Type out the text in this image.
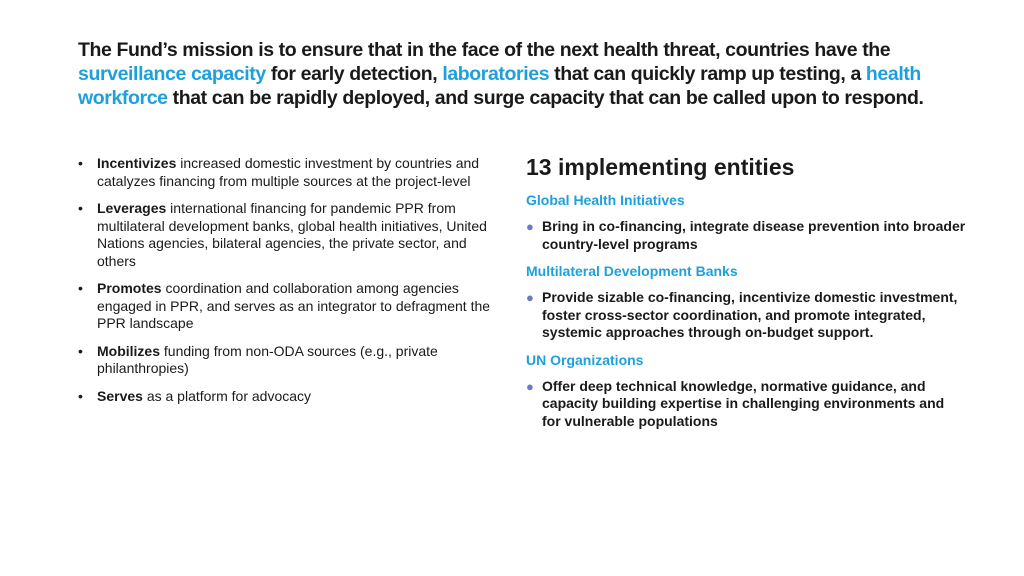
The Fund’s mission is to ensure that in the face of the next health threat, countries have the surveillance capacity for early detection, laboratories that can quickly ramp up testing, a health workforce that can be rapidly deployed, and surge capacity that can be called upon to respond.
• Incentivizes increased domestic investment by countries and catalyzes financing from multiple sources at the project-level
• Leverages international financing for pandemic PPR from multilateral development banks, global health initiatives, United Nations agencies, bilateral agencies, the private sector, and others
• Promotes coordination and collaboration among agencies engaged in PPR, and serves as an integrator to defragment the PPR landscape
• Mobilizes funding from non-ODA sources (e.g., private philanthropies)
• Serves as a platform for advocacy
13 implementing entities
Global Health Initiatives
● Bring in co-financing, integrate disease prevention into broader country-level programs
Multilateral Development Banks
● Provide sizable co-financing, incentivize domestic investment, foster cross-sector coordination, and promote integrated, systemic approaches through on-budget support.
UN Organizations
● Offer deep technical knowledge, normative guidance, and capacity building expertise in challenging environments and for vulnerable populations
